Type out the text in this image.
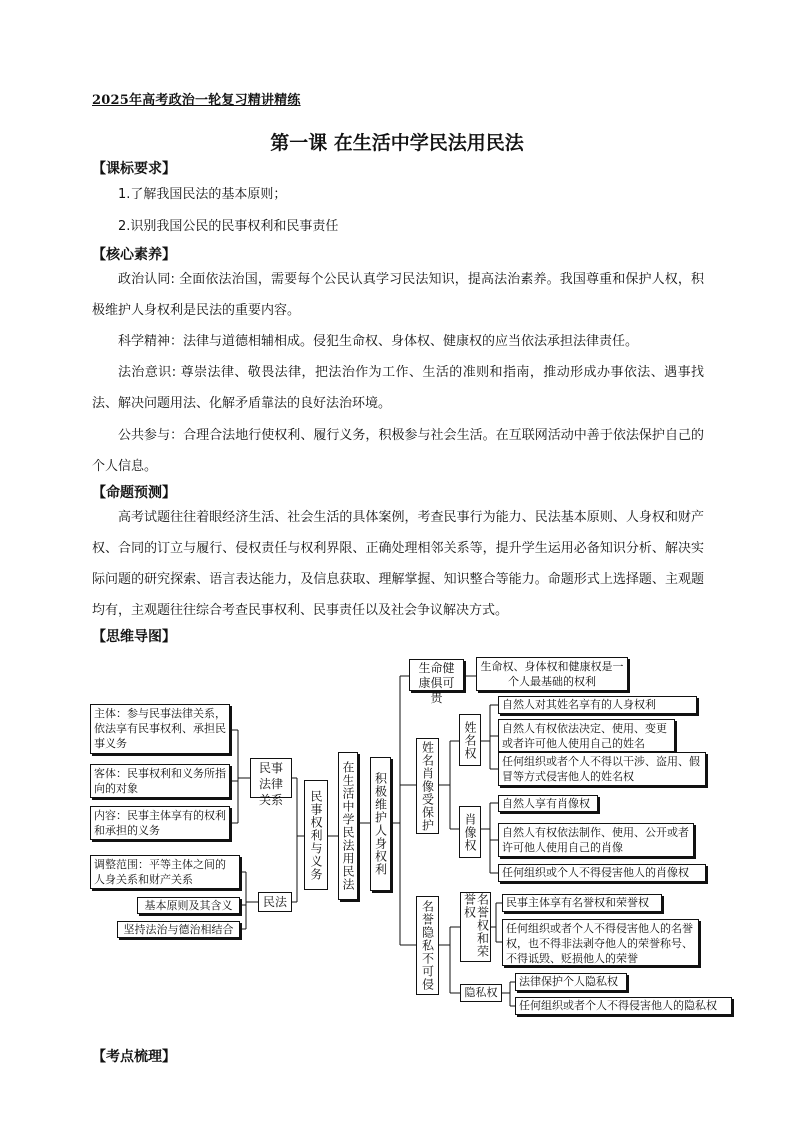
2025年高考政治一轮复习精讲精练
第一课 在生活中学民法用民法
【课标要求】
1.了解我国民法的基本原则；
2.识别我国公民的民事权利和民事责任
【核心素养】
政治认同: 全面依法治国，需要每个公民认真学习民法知识，提高法治素养。我国尊重和保护人权，积极维护人身权利是民法的重要内容。
科学精神：法律与道德相辅相成。侵犯生命权、身体权、健康权的应当依法承担法律责任。
法治意识: 尊崇法律、敬畏法律，把法治作为工作、生活的准则和指南，推动形成办事依法、遇事找法、解决问题用法、化解矛盾靠法的良好法治环境。
公共参与：合理合法地行使权利、履行义务，积极参与社会生活。在互联网活动中善于依法保护自己的个人信息。
【命题预测】
高考试题往往着眼经济生活、社会生活的具体案例，考查民事行为能力、民法基本原则、人身权和财产权、合同的订立与履行、侵权责任与权利界限、正确处理相邻关系等，提升学生运用必备知识分析、解决实际问题的研究探索、语言表达能力，及信息获取、理解掌握、知识整合等能力。命题形式上选择题、主观题均有，主观题往往综合考查民事权利、民事责任以及社会争议解决方式。
【思维导图】
主体：参与民事法律关系，依法享有民事权利、承担民事义务
客体：民事权利和义务所指向的对象
内容：民事主体享有的权利和承担的义务
民事法律关系
调整范围：平等主体之间的人身关系和财产关系
基本原则及其含义
坚持法治与德治相结合
民法
民事权利与义务	在生活中学民法用民法 积极维护人身权利
生命健康俱可贵
生命权、身体权和健康权是一个人最基础的权利
姓名肖像受保护
姓名权
自然人对其姓名享有的人身权利
自然人有权依法决定、使用、变更或者许可他人使用自己的姓名
任何组织或者个人不得以干涉、盗用、假冒等方式侵害他人的姓名权
肖像权
自然人享有肖像权
自然人有权依法制作、使用、公开或者许可他人使用自己的肖像
任何组织或个人不得侵害他人的肖像权
名誉隐私不可侵	名誉权和荣誉权	民事主体享有名誉权和荣誉权
任何组织或者个人不得侵害他人的名誉权，也不得非法剥夺他人的荣誉称号、不得诋毁、贬损他人的荣誉
隐私权
法律保护个人隐私权
任何组织或者个人不得侵害他人的隐私权
【考点梳理】
